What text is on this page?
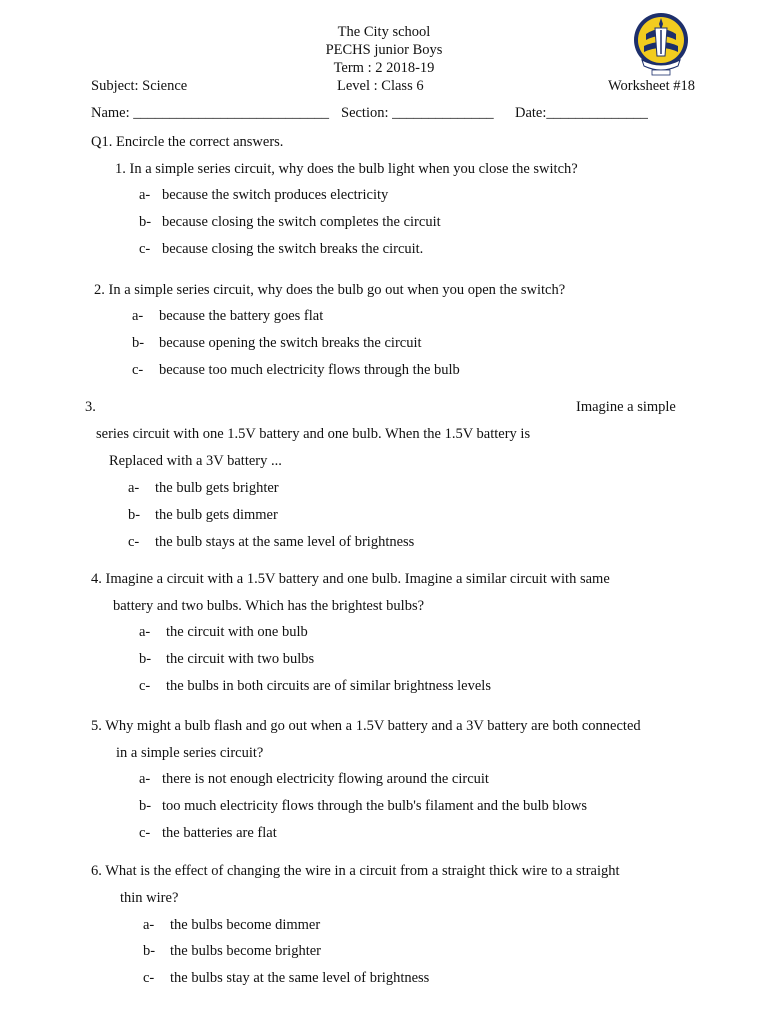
The City school
PECHS junior Boys
Term : 2 2018-19
Subject: Science	Level : Class 6	Worksheet #18
Name: ___________________________ Section: ______________ Date:______________
Q1. Encircle the correct answers.
1. In a simple series circuit, why does the bulb light when you close the switch?
a- because the switch produces electricity
b- because closing the switch completes the circuit
c- because closing the switch breaks the circuit.
2. In a simple series circuit, why does the bulb go out when you open the switch?
a- because the battery goes flat
b- because opening the switch breaks the circuit
c- because too much electricity flows through the bulb
3.	Imagine a simple
series circuit with one 1.5V battery and one bulb. When the 1.5V battery is
Replaced with a 3V battery ...
a- the bulb gets brighter
b- the bulb gets dimmer
c- the bulb stays at the same level of brightness
4. Imagine a circuit with a 1.5V battery and one bulb. Imagine a similar circuit with same
battery and two bulbs. Which has the brightest bulbs?
a- the circuit with one bulb
b- the circuit with two bulbs
c- the bulbs in both circuits are of similar brightness levels
5. Why might a bulb flash and go out when a 1.5V battery and a 3V battery are both connected
in a simple series circuit?
a- there is not enough electricity flowing around the circuit
b- too much electricity flows through the bulb's filament and the bulb blows
c- the batteries are flat
6. What is the effect of changing the wire in a circuit from a straight thick wire to a straight
thin wire?
a- the bulbs become dimmer
b- the bulbs become brighter
c- the bulbs stay at the same level of brightness
